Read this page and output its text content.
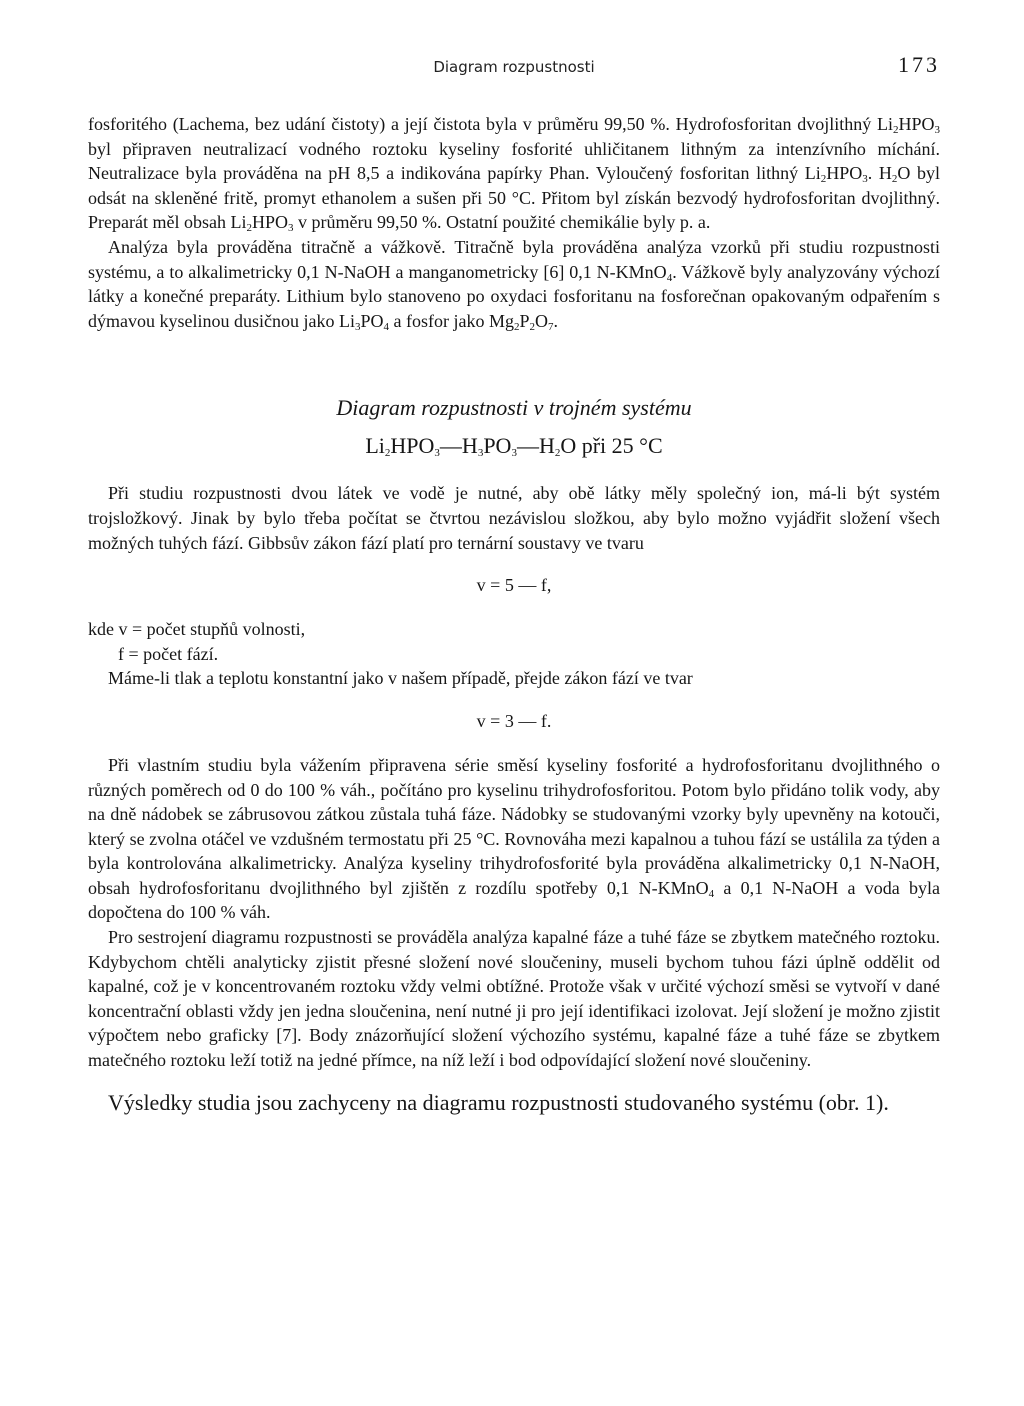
Diagram rozpustnosti	173

fosforitého (Lachema, bez udání čistoty) a její čistota byla v průměru 99,50 %. Hydrofosforitan dvojlithný $Li_2HPO_3$ byl připraven neutralizací vodného roztoku kyseliny fosforité uhličitanem lithným za intenzívního míchání. Neutralizace byla prováděna na pH 8,5 a indikována papírky Phan. Vyloučený fosforitan lithný $Li_2HPO_3$. $H_2O$ byl odsát na skleněné fritě, promyt ethanolem a sušen při 50 °C. Přitom byl získán bezvodý hydrofosforitan dvojlithný. Preparát měl obsah $Li_2HPO_3$ v průměru 99,50 %. Ostatní použité chemikálie byly p. a.

Analýza byla prováděna titračně a vážkově. Titračně byla prováděna analýza vzorků při studiu rozpustnosti systému, a to alkalimetricky 0,1 N-NaOH a manganometricky [6] 0,1 N-KMnO$_4$. Vážkově byly analyzovány výchozí látky a konečné preparáty. Lithium bylo stanoveno po oxydaci fosforitanu na fosforečnan opakovaným odpařením s dýmavou kyselinou dusičnou jako $Li_3PO_4$ a fosfor jako $Mg_2P_2O_7$.

Diagram rozpustnosti v trojném systému
$Li_2HPO_3—H_3PO_3—H_2O$ při 25 °C

Při studiu rozpustnosti dvou látek ve vodě je nutné, aby obě látky měly společný ion, má-li být systém trojsložkový. Jinak by bylo třeba počítat se čtvrtou nezávislou složkou, aby bylo možno vyjádřit složení všech možných tuhých fází. Gibbsův zákon fází platí pro ternární soustavy ve tvaru

v = 5 — f,
kde v = počet stupňů volnosti,
f = počet fází.

Máme-li tlak a teplotu konstantní jako v našem případě, přejde zákon fází ve tvar

v = 3 — f.

Při vlastním studiu byla vážením připravena série směsí kyseliny fosforité a hydrofosforitanu dvojlithného o různých poměrech od 0 do 100 % váh., počítáno pro kyselinu trihydrofosforitou. Potom bylo přidáno tolik vody, aby na dně nádobek se zábrusovou zátkou zůstala tuhá fáze. Nádobky se studovanými vzorky byly upevněny na kotouči, který se zvolna otáčel ve vzdušném termostatu při 25 °C. Rovnováha mezi kapalnou a tuhou fází se ustálila za týden a byla kontrolována alkalimetricky. Analýza kyseliny trihydrofosforité byla prováděna alkalimetricky 0,1 N-NaOH, obsah hydrofosforitanu dvojlithného byl zjištěn z rozdílu spotřeby 0,1 N-KMnO$_4$ a 0,1 N-NaOH a voda byla dopočtena do 100 % váh.

Pro sestrojení diagramu rozpustnosti se prováděla analýza kapalné fáze a tuhé fáze se zbytkem matečného roztoku. Kdybychom chtěli analyticky zjistit přesné složení nové sloučeniny, museli bychom tuhou fázi úplně oddělit od kapalné, což je v koncentrovaném roztoku vždy velmi obtížné. Protože však v určité výchozí směsi se vytvoří v dané koncentrační oblasti vždy jen jedna sloučenina, není nutné ji pro její identifikaci izolovat. Její složení je možno zjistit výpočtem nebo graficky [7]. Body znázorňující složení výchozího systému, kapalné fáze a tuhé fáze se zbytkem matečného roztoku leží totiž na jedné přímce, na níž leží i bod odpovídající složení nové sloučeniny.

Výsledky studia jsou zachyceny na diagramu rozpustnosti studovaného systému (obr. 1).
